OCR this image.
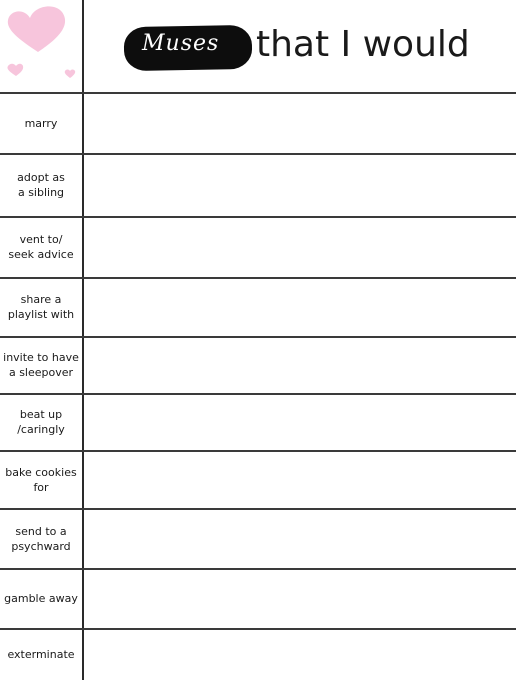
Muses that I would
marry
adopt as
a sibling
vent to/
seek advice
share a
playlist with
invite to have
a sleepover
beat up
/caringly
bake cookies
for
send to a
psychward
gamble away
exterminate
